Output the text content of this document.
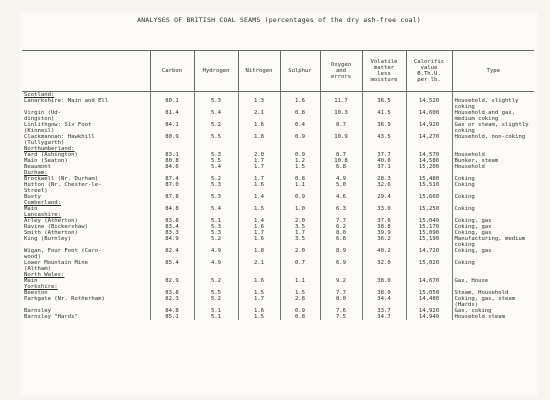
ANALYSES OF BRITISH COAL SEAMS (percentages of the dry ash-free coal)
	Carbon	Hydrogen	Nitrogen	Sulphur	Oxygen
and
errors	Volatile
matter
less
moisture	Calorific
value
B.Th.U.
per lb.	Type
Scotland:								
Lanarkshire: Main and Ell	80.1	5.3	1.3	1.6	11.7	36.5	14,520	Household, slightly
coking
Virgin (Ud-
dingston)	81.4	5.4	2.1	0.8	10.3	41.5	14,600	Household and gas,
medium coking
Linlithgow: Six Foot
(Kinneil)	84.1	5.2	1.6	0.4	8.7	36.9	14,920	Gas or steam, slightly
coking
Clackmannan: Hawkhill
(Tullygarth)	80.9	5.5	1.8	0.9	10.9	43.5	14,270	Household, non-coking
Northumberland:								
Yard (Ashington)	83.1	5.3	2.0	0.9	8.7	37.7	14,570	Household
Main (Seaton)	80.8	5.5	1.7	1.2	10.8	40.6	14,580	Bunker, steam
Beaumont	84.6	5.4	1.7	1.5	6.8	37.1	15,200	Household
Durham:								
Brockwell (Nr. Durham)	87.4	5.2	1.7	0.8	4.9	28.3	15,480	Coking
Hutton (Nr. Chester-le-
Street)	87.0	5.3	1.6	1.1	5.0	32.6	15,510	Coking
Busty	87.8	5.3	1.4	0.9	4.6	29.4	15,660	Coking
Cumberland:								
Main	84.8	5.4	1.5	1.0	6.3	33.0	15,250	Coking
Lancashire:								
Arley (Atherton)	83.8	5.1	1.4	2.0	7.7	37.6	15,040	Coking, gas
Ravine (Bickershaw)	83.4	5.3	1.6	3.5	6.2	38.8	15,170	Coking, gas
Smith (Atherton)	83.3	5.3	1.7	1.7	8.0	39.9	15,090	Coking, gas
King (Burnley)	84.9	5.2	1.6	3.5	6.8	36.2	15,190	Manufacturing, medium
coking
Wigan, Four Foot (Caro-
wood)	82.4	4.9	1.8	2.0	8.9	40.2	14,720	Coking, gas
Lower Mountain Mine
(Altham)	85.4	4.9	2.1	0.7	6.9	32.0	15,020	Coking
North Wales:								
Main	82.9	5.2	1.6	1.1	9.2	38.0	14,670	Gas, House
Yorkshire:								
Beeston	83.8	5.5	1.5	1.5	7.7	38.0	15,050	Steam, Household
Parkgate (Nr. Rotherham)	82.3	5.2	1.7	2.8	8.0	34.4	14,480	Coking, gas, steam
(Hards)
Barnsley	84.8	5.1	1.6	0.9	7.6	33.7	14,920	Gas, coking
Barnsley "Hards"	85.1	5.1	1.5	0.8	7.5	34.7	14,940	Household steam
